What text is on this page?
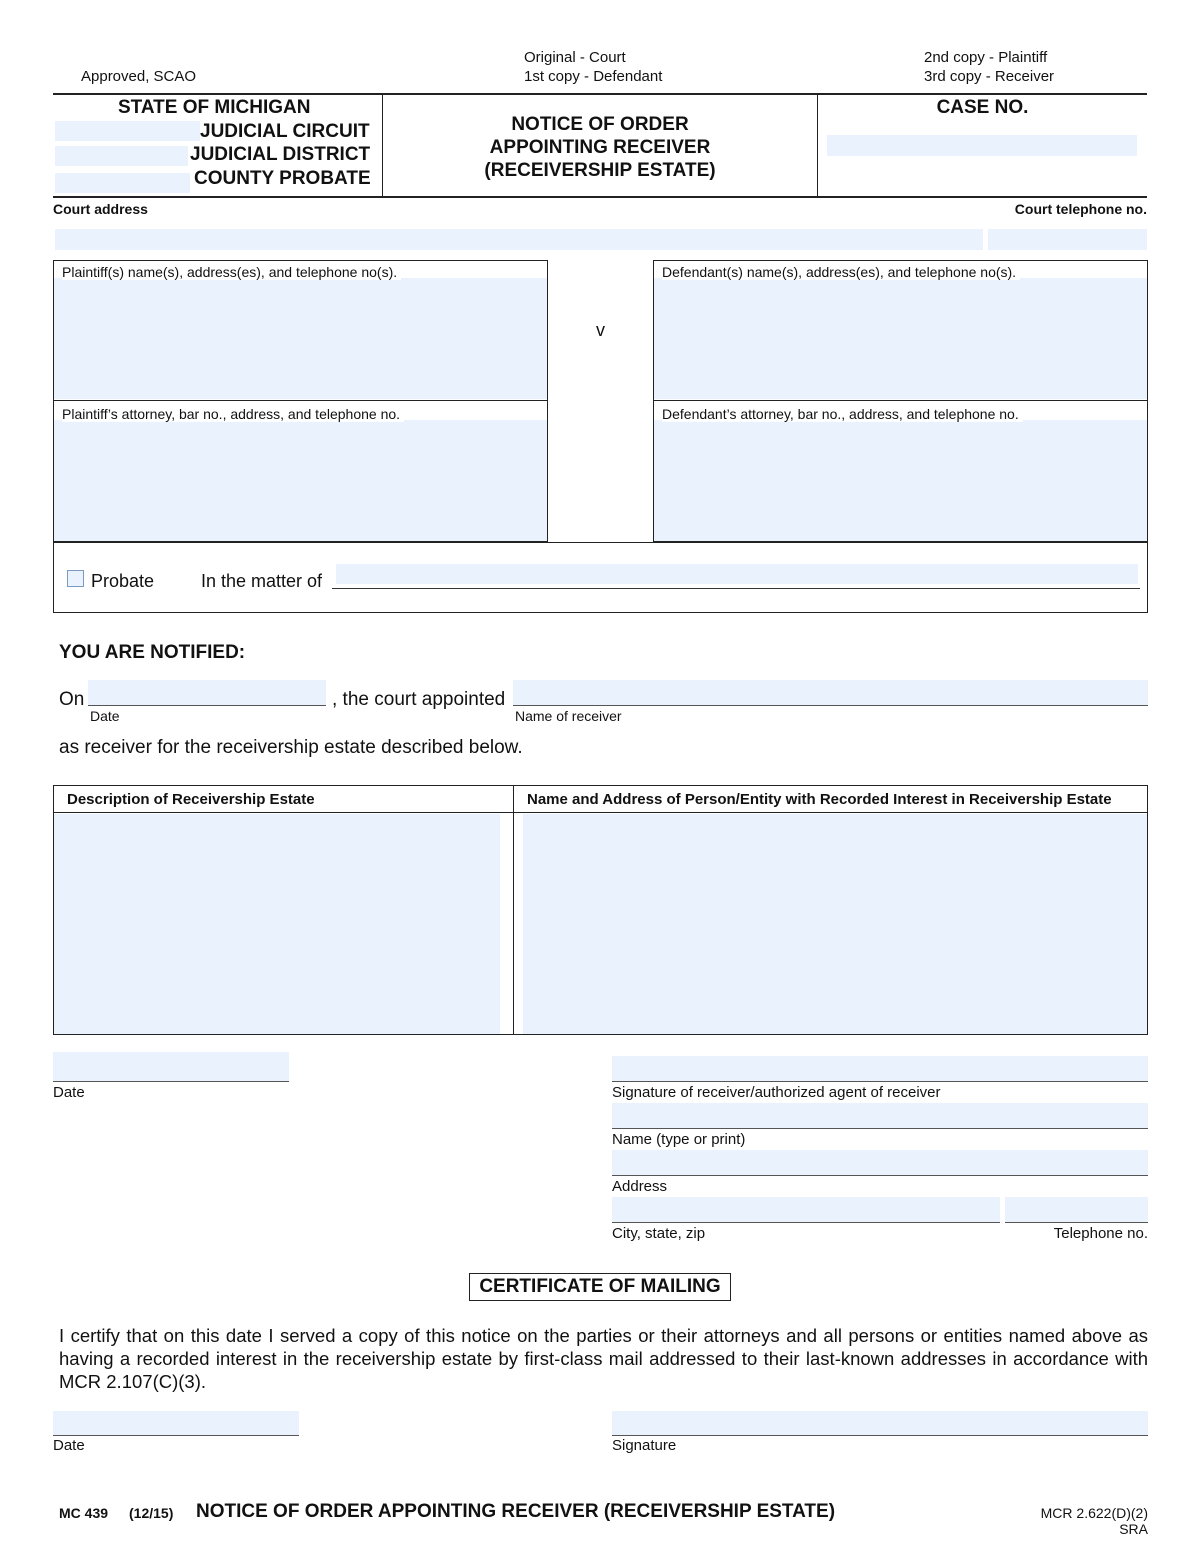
Approved, SCAO
Original - Court
1st copy - Defendant
2nd copy - Plaintiff
3rd copy - Receiver
STATE OF MICHIGAN
JUDICIAL CIRCUIT
JUDICIAL DISTRICT
COUNTY PROBATE
NOTICE OF ORDER
APPOINTING RECEIVER
(RECEIVERSHIP ESTATE)
CASE NO.
Court address	Court telephone no.
Plaintiff(s) name(s), address(es), and telephone no(s).	Defendant(s) name(s), address(es), and telephone no(s).
v
Plaintiff’s attorney, bar no., address, and telephone no.	Defendant’s attorney, bar no., address, and telephone no.
Probate	In the matter of
YOU ARE NOTIFIED:
On
Date
, the court appointed
Name of receiver
as receiver for the receivership estate described below.
Description of Receivership Estate	Name and Address of Person/Entity with Recorded Interest in Receivership Estate
Date	Signature of receiver/authorized agent of receiver
Name (type or print)
Address
City, state, zip	Telephone no.
CERTIFICATE OF MAILING
I certify that on this date I served a copy of this notice on the parties or their attorneys and all persons or entities named above as having a recorded interest in the receivership estate by first-class mail addressed to their last-known addresses in accordance with MCR 2.107(C)(3).
Date	Signature
MC 439 (12/15) NOTICE OF ORDER APPOINTING RECEIVER (RECEIVERSHIP ESTATE)	MCR 2.622(D)(2)
SRA
